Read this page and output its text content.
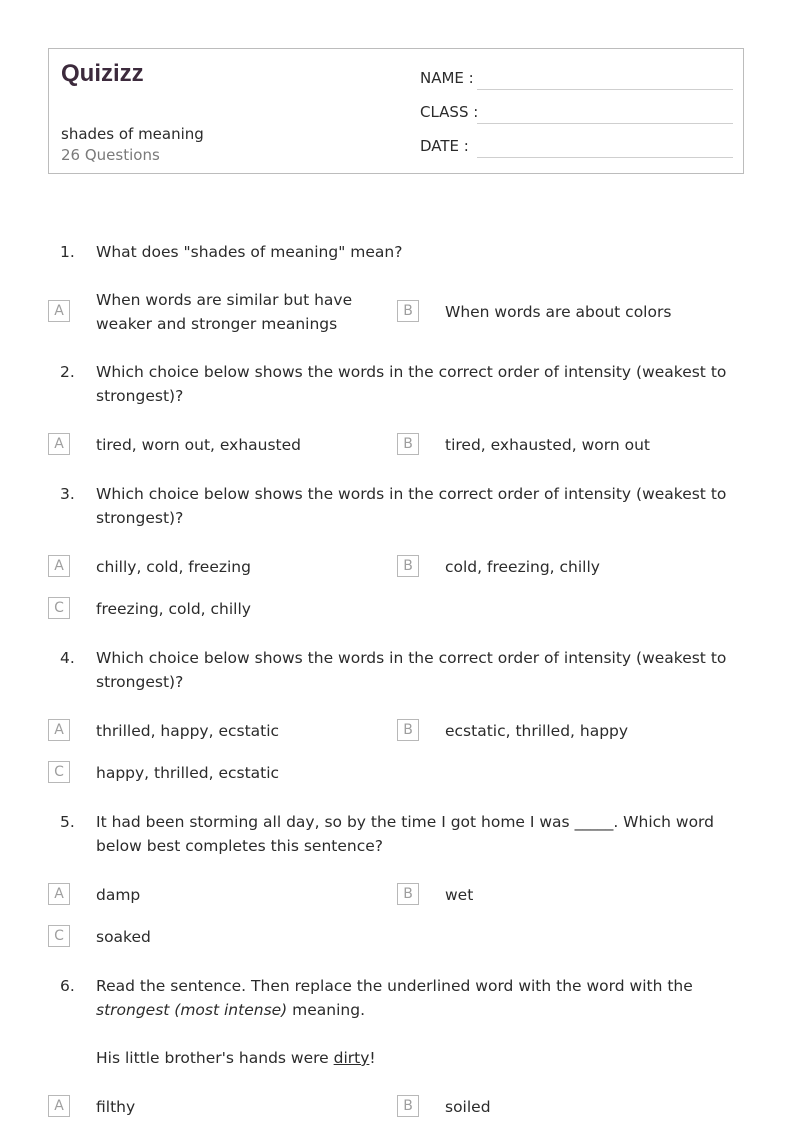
Quizizz
shades of meaning
26 Questions
NAME :
CLASS :
DATE :
1. What does "shades of meaning" mean?
A
When words are similar but have weaker and stronger meanings
B	When words are about colors
2. Which choice below shows the words in the correct order of intensity (weakest to strongest)?
A	tired, worn out, exhausted	B	tired, exhausted, worn out
3. Which choice below shows the words in the correct order of intensity (weakest to strongest)?
A	chilly, cold, freezing	B	cold, freezing, chilly
C	freezing, cold, chilly
4. Which choice below shows the words in the correct order of intensity (weakest to strongest)?
A	thrilled, happy, ecstatic	B	ecstatic, thrilled, happy
C	happy, thrilled, ecstatic
5. It had been storming all day, so by the time I got home I was _____. Which word below best completes this sentence?
A	damp	B	wet
C	soaked
6. Read the sentence. Then replace the underlined word with the word with the strongest (most intense) meaning.
His little brother's hands were dirty!
A	filthy	B	soiled
